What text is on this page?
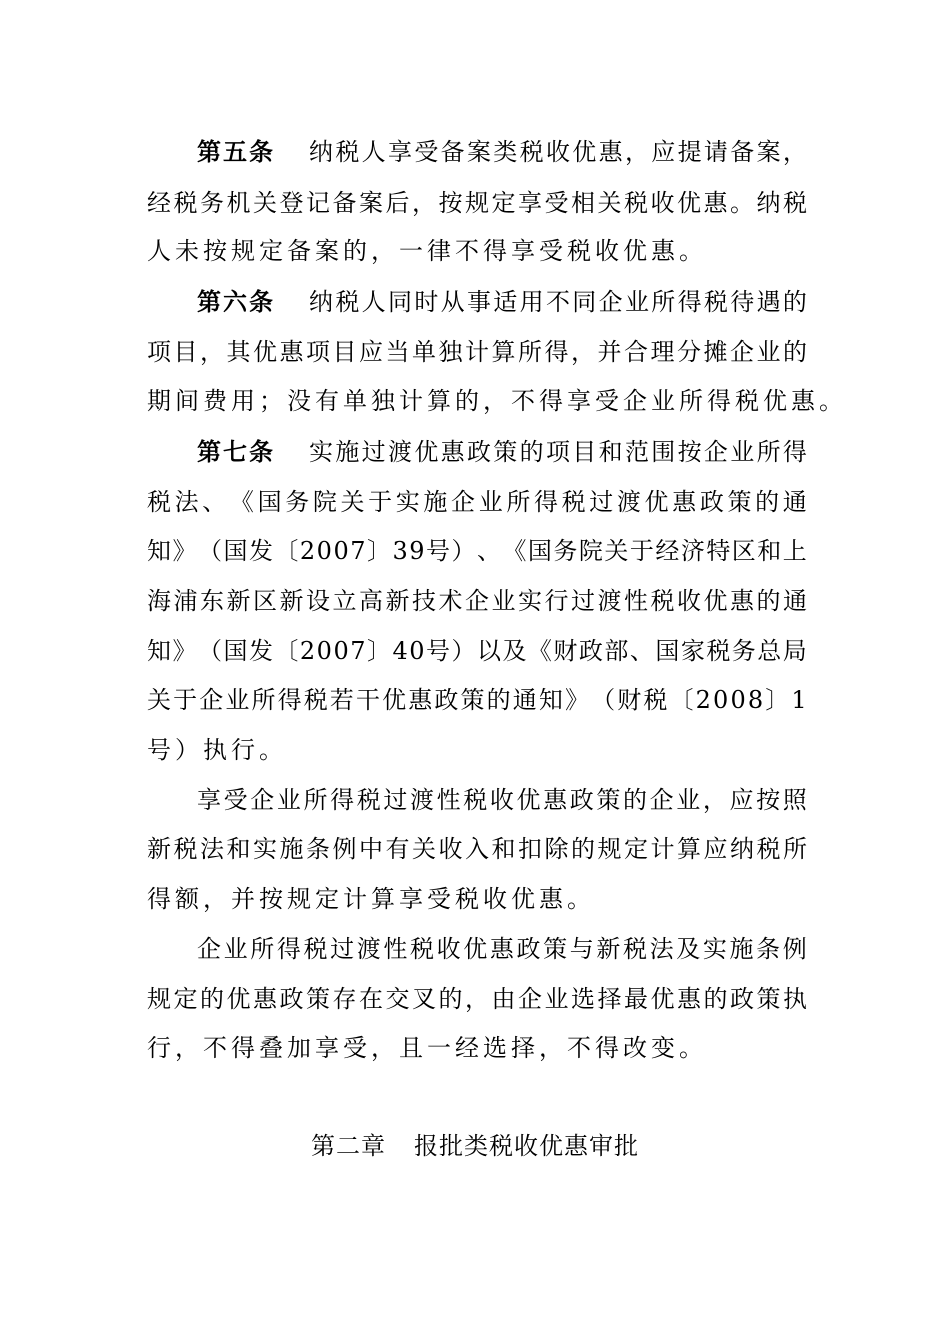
第五条 纳 税 人 享 受 备 案 类 税 收 优 惠 ， 应 提 请 备 案 ，
经 税 务 机 关 登 记 备 案 后 ， 按 规 定 享 受 相 关 税 收 优 惠 。 纳 税
人未按规定备案的，一律不得享受税收优惠。
第六条 纳 税 人 同 时 从 事 适 用 不 同 企 业 所 得 税 待 遇 的
项 目 ， 其 优 惠 项 目 应 当 单 独 计 算 所 得 ， 并 合 理 分 摊 企 业 的
期间费用；没有单独计算的，不得享受企业所得税优惠。
第七条 实 施 过 渡 优 惠 政 策 的 项 目 和 范 围 按 企 业 所 得
税 法 、 《 国 务 院 关 于 实 施 企 业 所 得 税 过 渡 优 惠 政 策 的 通
知 》 （ 国 发 〔 2 0 0 7 〕 3 9 号 ） 、 《 国 务 院 关 于 经 济 特 区 和 上
海 浦 东 新 区 新 设 立 高 新 技 术 企 业 实 行 过 渡 性 税 收 优 惠 的 通
知 》 （ 国 发 〔 2 0 0 7 〕 4 0 号 ） 以 及 《 财 政 部 、 国 家 税 务 总 局
关 于 企 业 所 得 税 若 干 优 惠 政 策 的 通 知 》 （ 财 税 〔 2 0 0 8 〕 1
号）执行。
享 受 企 业 所 得 税 过 渡 性 税 收 优 惠 政 策 的 企 业 ， 应 按 照
新 税 法 和 实 施 条 例 中 有 关 收 入 和 扣 除 的 规 定 计 算 应 纳 税 所
得额，并按规定计算享受税收优惠。
企 业 所 得 税 过 渡 性 税 收 优 惠 政 策 与 新 税 法 及 实 施 条 例
规 定 的 优 惠 政 策 存 在 交 叉 的 ， 由 企 业 选 择 最 优 惠 的 政 策 执
行，不得叠加享受，且一经选择，不得改变。
第二章 报批类税收优惠审批
